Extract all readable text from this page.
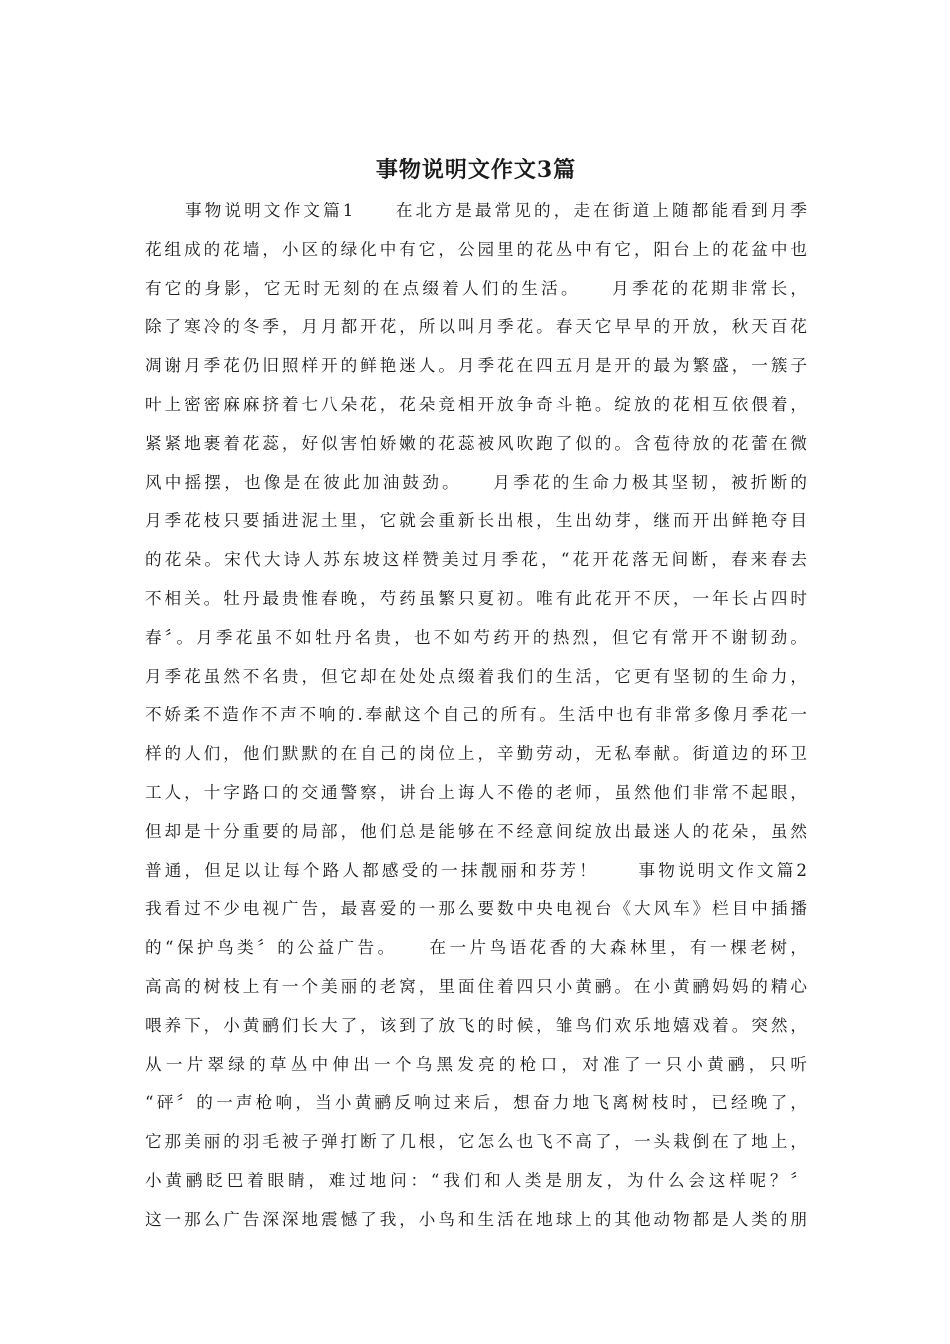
事物说明文作文3篇
事物说明文作文篇1　　在北方是最常见的，走在街道上随都能看到月季
花组成的花墙，小区的绿化中有它，公园里的花丛中有它，阳台上的花盆中也
有它的身影，它无时无刻的在点缀着人们的生活。　　月季花的花期非常长，
除了寒冷的冬季，月月都开花，所以叫月季花。春天它早早的开放，秋天百花
凋谢月季花仍旧照样开的鲜艳迷人。月季花在四五月是开的最为繁盛，一簇子
叶上密密麻麻挤着七八朵花，花朵竞相开放争奇斗艳。绽放的花相互依偎着，
紧紧地裹着花蕊，好似害怕娇嫩的花蕊被风吹跑了似的。含苞待放的花蕾在微
风中摇摆，也像是在彼此加油鼓劲。　　月季花的生命力极其坚韧，被折断的
月季花枝只要插进泥土里，它就会重新长出根，生出幼芽，继而开出鲜艳夺目
的花朵。宋代大诗人苏东坡这样赞美过月季花，“花开花落无间断，春来春去
不相关。牡丹最贵惟春晚，芍药虽繁只夏初。唯有此花开不厌，一年长占四时
春〞。月季花虽不如牡丹名贵，也不如芍药开的热烈，但它有常开不谢韧劲。
月季花虽然不名贵，但它却在处处点缀着我们的生活，它更有坚韧的生命力，
不娇柔不造作不声不响的.奉献这个自己的所有。生活中也有非常多像月季花一
样的人们，他们默默的在自己的岗位上，辛勤劳动，无私奉献。街道边的环卫
工人，十字路口的交通警察，讲台上诲人不倦的老师，虽然他们非常不起眼，
但却是十分重要的局部，他们总是能够在不经意间绽放出最迷人的花朵，虽然
普通，但足以让每个路人都感受的一抹靓丽和芬芳！　　事物说明文作文篇2
我看过不少电视广告，最喜爱的一那么要数中央电视台《大风车》栏目中插播
的“保护鸟类〞的公益广告。　　在一片鸟语花香的大森林里，有一棵老树，
高高的树枝上有一个美丽的老窝，里面住着四只小黄鹂。在小黄鹂妈妈的精心
喂养下，小黄鹂们长大了，该到了放飞的时候，雏鸟们欢乐地嬉戏着。突然，
从一片翠绿的草丛中伸出一个乌黑发亮的枪口，对准了一只小黄鹂，只听
“砰〞的一声枪响，当小黄鹂反响过来后，想奋力地飞离树枝时，已经晚了，
它那美丽的羽毛被子弹打断了几根，它怎么也飞不高了，一头栽倒在了地上，
小黄鹂眨巴着眼睛，难过地问：“我们和人类是朋友，为什么会这样呢？〞
这一那么广告深深地震憾了我，小鸟和生活在地球上的其他动物都是人类的朋
